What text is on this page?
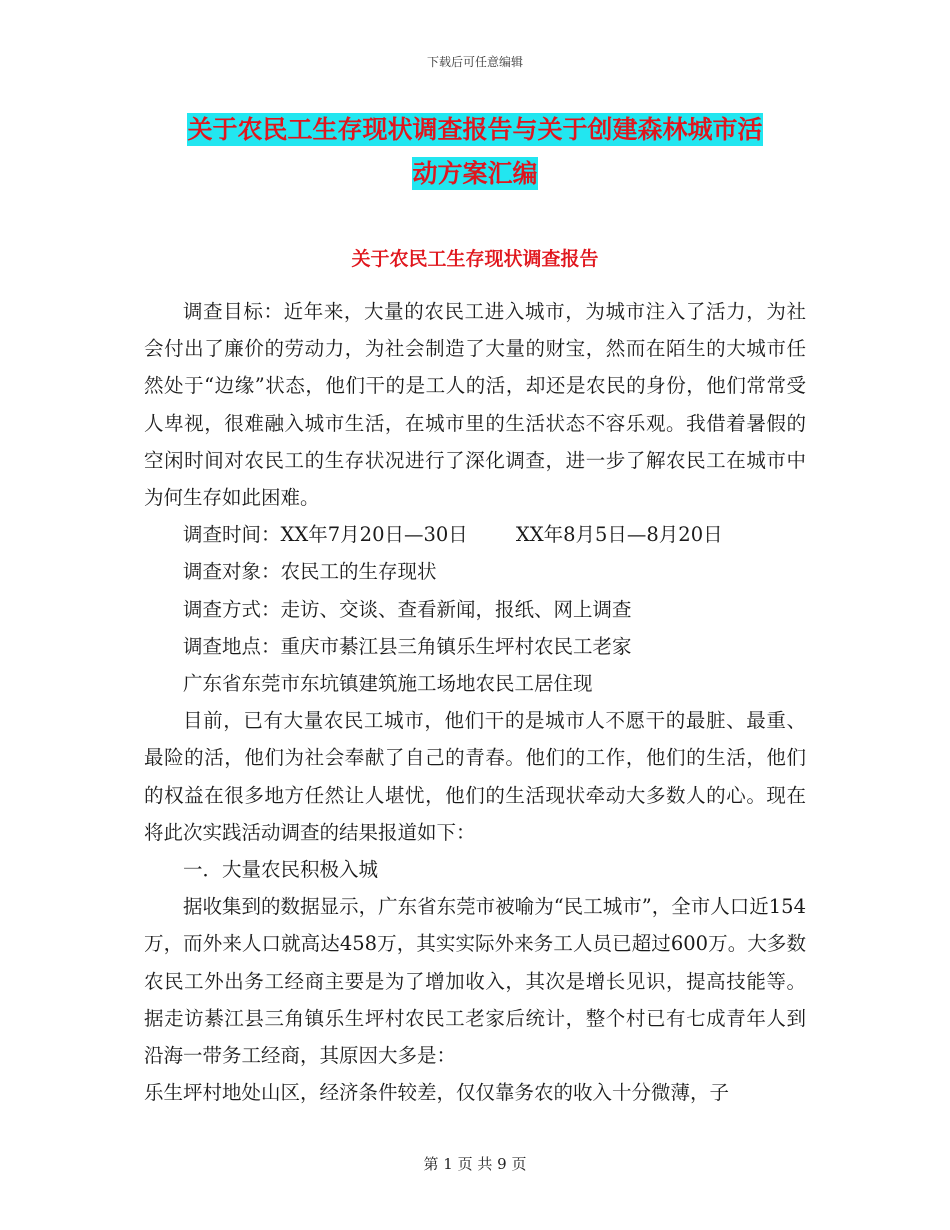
下载后可任意编辑
关于农民工生存现状调查报告与关于创建森林城市活
动方案汇编
关于农民工生存现状调查报告

调查目标：近年来，大量的农民工进入城市，为城市注入了活力，为社会付出了廉价的劳动力，为社会制造了大量的财宝，然而在陌生的大城市任然处于“边缘”状态，他们干的是工人的活，却还是农民的身份，他们常常受人卑视，很难融入城市生活，在城市里的生活状态不容乐观。我借着暑假的空闲时间对农民工的生存状况进行了深化调查，进一步了解农民工在城市中为何生存如此困难。

调查时间：XX年7月20日—30日 XX年8月5日—8月20日

调查对象：农民工的生存现状

调查方式：走访、交谈、查看新闻，报纸、网上调查

调查地点：重庆市綦江县三角镇乐生坪村农民工老家

广东省东莞市东坑镇建筑施工场地农民工居住现

目前，已有大量农民工城市，他们干的是城市人不愿干的最脏、最重、最险的活，他们为社会奉献了自己的青春。他们的工作，他们的生活，他们的权益在很多地方任然让人堪忧，他们的生活现状牵动大多数人的心。现在将此次实践活动调查的结果报道如下：

一．大量农民积极入城

据收集到的数据显示，广东省东莞市被喻为“民工城市”，全市人口近154万，而外来人口就高达458万，其实实际外来务工人员已超过600万。大多数农民工外出务工经商主要是为了增加收入，其次是增长见识，提高技能等。据走访綦江县三角镇乐生坪村农民工老家后统计，整个村已有七成青年人到沿海一带务工经商，其原因大多是：

乐生坪村地处山区，经济条件较差，仅仅靠务农的收入十分微薄，子

第 1 页 共 9 页
